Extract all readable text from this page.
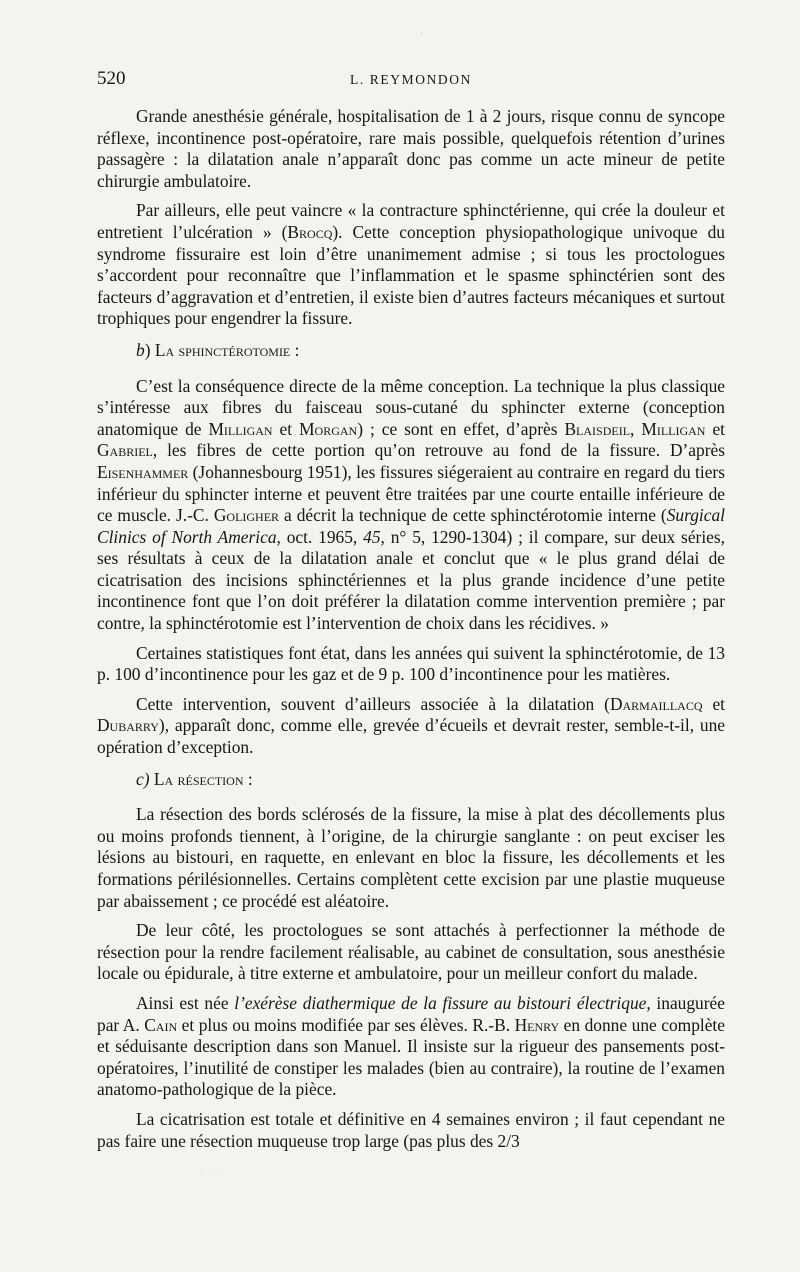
·
520	L. REYMONDON

Grande anesthésie générale, hospitalisation de 1 à 2 jours, risque connu de syncope réflexe, incontinence post-opératoire, rare mais possible, quelquefois rétention d’urines passagère : la dilatation anale n’apparaît donc pas comme un acte mineur de petite chirurgie ambulatoire.

Par ailleurs, elle peut vaincre « la contracture sphinctérienne, qui crée la douleur et entretient l’ulcération » (Brocq). Cette conception physiopathologique univoque du syndrome fissuraire est loin d’être unanimement admise ; si tous les proctologues s’accordent pour reconnaître que l’inflammation et le spasme sphinctérien sont des facteurs d’aggravation et d’entretien, il existe bien d’autres facteurs mécaniques et surtout trophiques pour engendrer la fissure.

b) La sphinctérotomie :

C’est la conséquence directe de la même conception. La technique la plus classique s’intéresse aux fibres du faisceau sous-cutané du sphincter externe (conception anatomique de Milligan et Morgan) ; ce sont en effet, d’après Blaisdeil, Milligan et Gabriel, les fibres de cette portion qu’on retrouve au fond de la fissure. D’après Eisenhammer (Johannesbourg 1951), les fissures siégeraient au contraire en regard du tiers inférieur du sphincter interne et peuvent être traitées par une courte entaille inférieure de ce muscle. J.-C. Goligher a décrit la technique de cette sphinctérotomie interne (Surgical Clinics of North America, oct. 1965, 45, n° 5, 1290-1304) ; il compare, sur deux séries, ses résultats à ceux de la dilatation anale et conclut que « le plus grand délai de cicatrisation des incisions sphinctériennes et la plus grande incidence d’une petite incontinence font que l’on doit préférer la dilatation comme intervention première ; par contre, la sphinctérotomie est l’intervention de choix dans les récidives. »

Certaines statistiques font état, dans les années qui suivent la sphinctérotomie, de 13 p. 100 d’incontinence pour les gaz et de 9 p. 100 d’incontinence pour les matières.

Cette intervention, souvent d’ailleurs associée à la dilatation (Darmaillacq et Dubarry), apparaît donc, comme elle, grevée d’écueils et devrait rester, semble-t-il, une opération d’exception.

c) La résection :

La résection des bords sclérosés de la fissure, la mise à plat des décollements plus ou moins profonds tiennent, à l’origine, de la chirurgie sanglante : on peut exciser les lésions au bistouri, en raquette, en enlevant en bloc la fissure, les décollements et les formations périlésionnelles. Certains complètent cette excision par une plastie muqueuse par abaissement ; ce procédé est aléatoire.

De leur côté, les proctologues se sont attachés à perfectionner la méthode de résection pour la rendre facilement réalisable, au cabinet de consultation, sous anesthésie locale ou épidurale, à titre externe et ambulatoire, pour un meilleur confort du malade.

Ainsi est née l’exérèse diathermique de la fissure au bistouri électrique, inaugurée par A. Cain et plus ou moins modifiée par ses élèves. R.-B. Henry en donne une complète et séduisante description dans son Manuel. Il insiste sur la rigueur des pansements post-opératoires, l’inutilité de constiper les malades (bien au contraire), la routine de l’examen anatomo-pathologique de la pièce.

La cicatrisation est totale et définitive en 4 semaines environ ; il faut cependant ne pas faire une résection muqueuse trop large (pas plus des 2/3

· · ·
